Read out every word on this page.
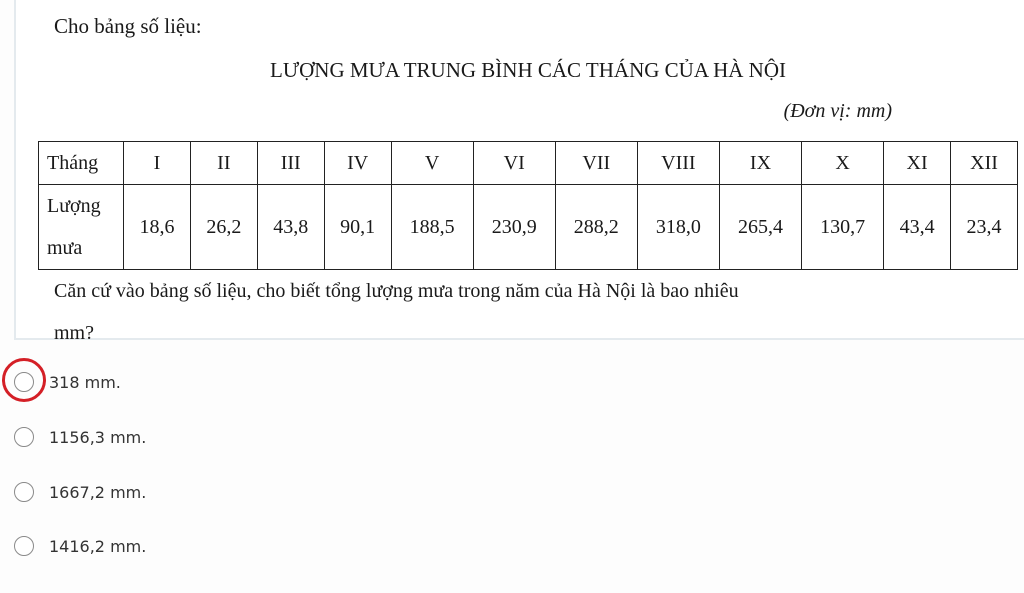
Cho bảng số liệu:

LƯỢNG MƯA TRUNG BÌNH CÁC THÁNG CỦA HÀ NỘI

(Đơn vị: mm)

Tháng	I	II	III	IV	V	VI	VII	VIII	IX	X	XI	XII
Lượng
mưa	18,6	26,2	43,8	90,1	188,5	230,9	288,2	318,0	265,4	130,7	43,4	23,4

Căn cứ vào bảng số liệu, cho biết tổng lượng mưa trong năm của Hà Nội là bao nhiêu
mm?

318 mm.
1156,3 mm.
1667,2 mm.
1416,2 mm.
